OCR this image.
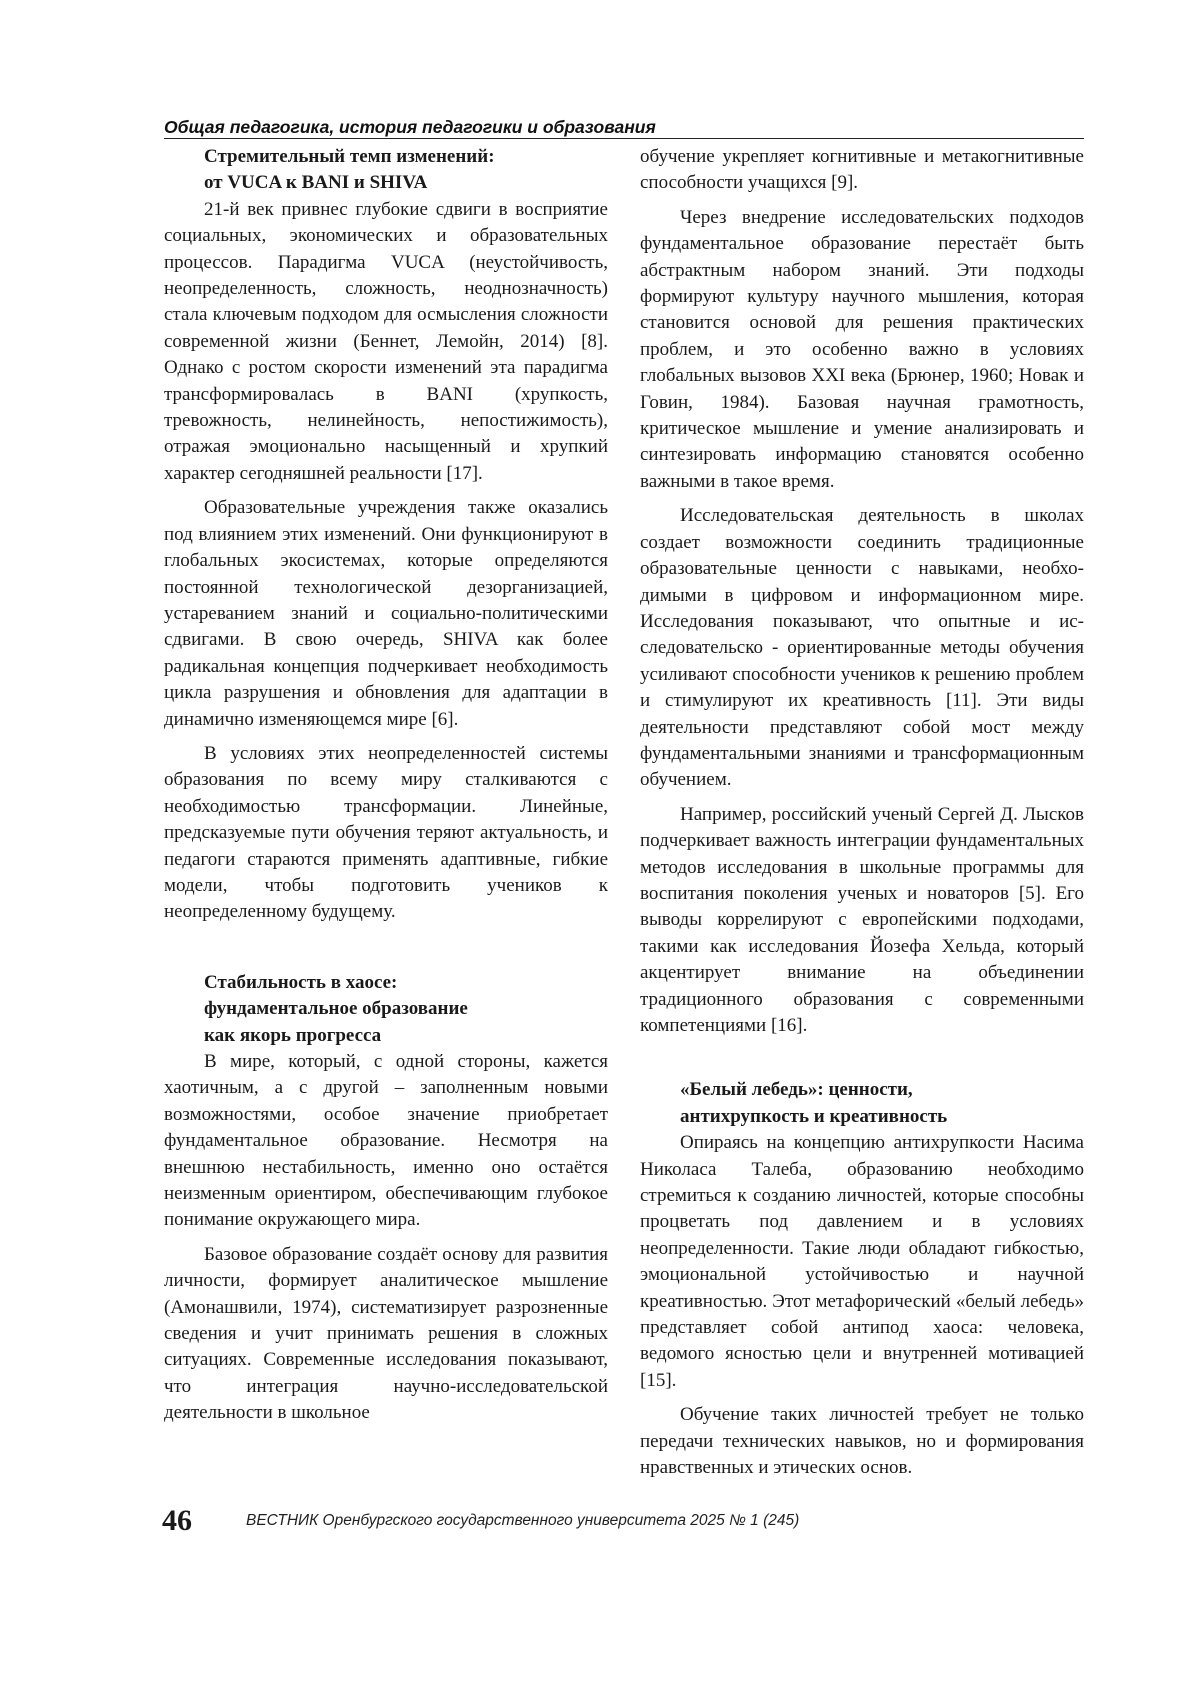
Общая педагогика, история педагогики и образования
Стремительный темп изменений:
от VUCA к BANI и SHIVA

21-й век привнес глубокие сдвиги в восприятие социальных, экономических и образовательных процессов. Парадигма VUCA (неустойчивость, неопределенность, сложность, неоднозначность) стала ключевым подходом для осмысления сложности современной жизни (Беннет, Лемойн, 2014) [8]. Однако с ростом скорости изменений эта парадигма трансформировалась в BANI (хрупкость, тревожность, нелинейность, непостижимость), отражая эмоционально насыщенный и хрупкий характер сегодняшней реальности [17].

Образовательные учреждения также оказались под влиянием этих изменений. Они функционируют в глобальных экосистемах, которые определяются постоянной технологической дезорганизацией, устареванием знаний и социально-политическими сдвигами. В свою очередь, SHIVA как более радикальная концепция подчеркивает необходимость цикла разрушения и обновления для адаптации в динамично изменяющемся мире [6].

В условиях этих неопределенностей системы образования по всему миру сталкиваются с необходимостью трансформации. Линейные, предсказуемые пути обучения теряют актуальность, и педагоги стараются применять адаптивные, гибкие модели, чтобы подготовить учеников к неопределенному будущему.

Стабильность в хаосе:
фундаментальное образование
как якорь прогресса

В мире, который, с одной стороны, кажется хаотичным, а с другой – заполненным новыми возможностями, особое значение приобретает фундаментальное образование. Несмотря на внешнюю нестабильность, именно оно остаётся неизменным ориентиром, обеспечивающим глубокое понимание окружающего мира.

Базовое образование создаёт основу для развития личности, формирует аналитическое мышление (Амонашвили, 1974), систематизирует разрозненные сведения и учит принимать решения в сложных ситуациях. Современные исследования показывают, что интеграция научно-исследовательской деятельности в школьное

обучение укрепляет когнитивные и метакогнитивные способности учащихся [9].

Через внедрение исследовательских подходов фундаментальное образование перестаёт быть абстрактным набором знаний. Эти подходы формируют культуру научного мышления, которая становится основой для решения практических проблем, и это особенно важно в условиях глобальных вызовов XXI века (Брюнер, 1960; Новак и Говин, 1984). Базовая научная грамотность, критическое мышление и умение анализировать и синтезировать информацию становятся особенно важными в такое время.

Исследовательская деятельность в школах создает возможности соединить традиционные образовательные ценности с навыками, необходимыми в цифровом и информационном мире. Исследования показывают, что опытные и исследовательско - ориентированные методы обучения усиливают способности учеников к решению проблем и стимулируют их креативность [11]. Эти виды деятельности представляют собой мост между фундаментальными знаниями и трансформационным обучением.

Например, российский ученый Сергей Д. Лысков подчеркивает важность интеграции фундаментальных методов исследования в школьные программы для воспитания поколения ученых и новаторов [5]. Его выводы коррелируют с европейскими подходами, такими как исследования Йозефа Хельда, который акцентирует внимание на объединении традиционного образования с современными компетенциями [16].

«Белый лебедь»: ценности,
антихрупкость и креативность

Опираясь на концепцию антихрупкости Насима Николаса Талеба, образованию необходимо стремиться к созданию личностей, которые способны процветать под давлением и в условиях неопределенности. Такие люди обладают гибкостью, эмоциональной устойчивостью и научной креативностью. Этот метафорический «белый лебедь» представляет собой антипод хаоса: человека, ведомого ясностью цели и внутренней мотивацией [15].

Обучение таких личностей требует не только передачи технических навыков, но и формирования нравственных и этических основ.

46	ВЕСТНИК Оренбургского государственного университета 2025 № 1 (245)
